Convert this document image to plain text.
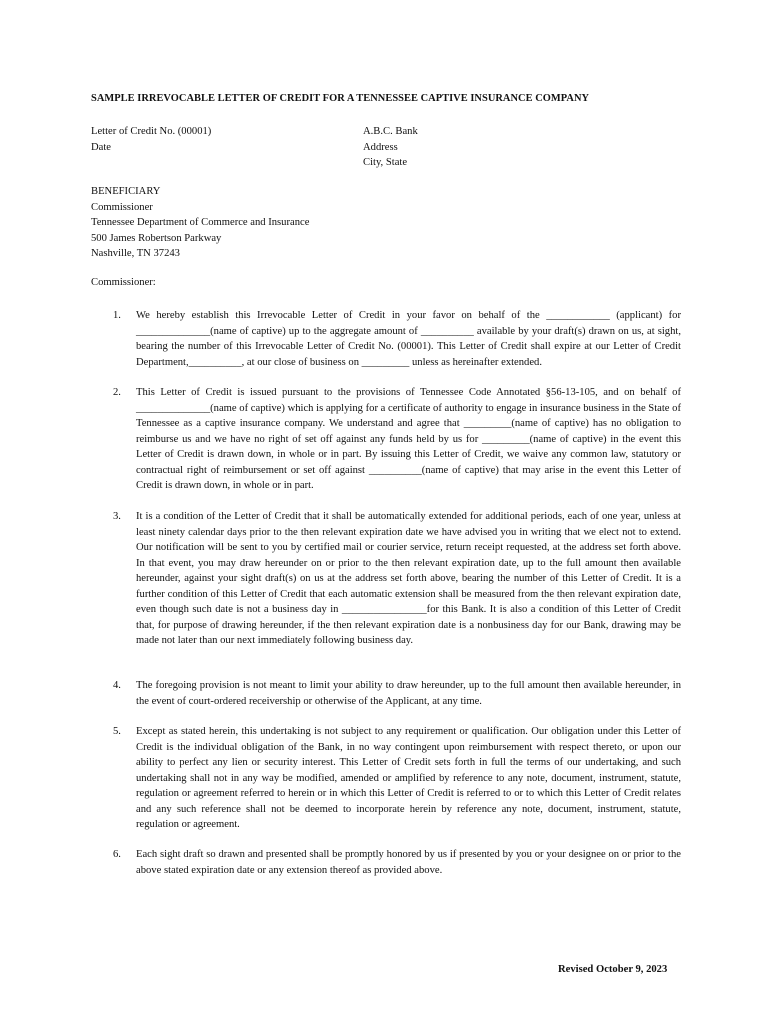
SAMPLE IRREVOCABLE LETTER OF CREDIT FOR A TENNESSEE CAPTIVE INSURANCE COMPANY
Letter of Credit No. (00001)
Date
A.B.C. Bank
Address
City, State
BENEFICIARY
Commissioner
Tennessee Department of Commerce and Insurance
500 James Robertson Parkway
Nashville, TN 37243
Commissioner:
1. We hereby establish this Irrevocable Letter of Credit in your favor on behalf of the ____________ (applicant) for ______________(name of captive) up to the aggregate amount of __________ available by your draft(s) drawn on us, at sight, bearing the number of this Irrevocable Letter of Credit No. (00001). This Letter of Credit shall expire at our Letter of Credit Department,__________, at our close of business on _________ unless as hereinafter extended.
2. This Letter of Credit is issued pursuant to the provisions of Tennessee Code Annotated §56-13-105, and on behalf of ______________(name of captive) which is applying for a certificate of authority to engage in insurance business in the State of Tennessee as a captive insurance company. We understand and agree that _________(name of captive) has no obligation to reimburse us and we have no right of set off against any funds held by us for _________(name of captive) in the event this Letter of Credit is drawn down, in whole or in part. By issuing this Letter of Credit, we waive any common law, statutory or contractual right of reimbursement or set off against __________(name of captive) that may arise in the event this Letter of Credit is drawn down, in whole or in part.
3. It is a condition of the Letter of Credit that it shall be automatically extended for additional periods, each of one year, unless at least ninety calendar days prior to the then relevant expiration date we have advised you in writing that we elect not to extend. Our notification will be sent to you by certified mail or courier service, return receipt requested, at the address set forth above. In that event, you may draw hereunder on or prior to the then relevant expiration date, up to the full amount then available hereunder, against your sight draft(s) on us at the address set forth above, bearing the number of this Letter of Credit. It is a further condition of this Letter of Credit that each automatic extension shall be measured from the then relevant expiration date, even though such date is not a business day in ________________for this Bank. It is also a condition of this Letter of Credit that, for purpose of drawing hereunder, if the then relevant expiration date is a nonbusiness day for our Bank, drawing may be made not later than our next immediately following business day.
4. The foregoing provision is not meant to limit your ability to draw hereunder, up to the full amount then available hereunder, in the event of court-ordered receivership or otherwise of the Applicant, at any time.
5. Except as stated herein, this undertaking is not subject to any requirement or qualification. Our obligation under this Letter of Credit is the individual obligation of the Bank, in no way contingent upon reimbursement with respect thereto, or upon our ability to perfect any lien or security interest. This Letter of Credit sets forth in full the terms of our undertaking, and such undertaking shall not in any way be modified, amended or amplified by reference to any note, document, instrument, statute, regulation or agreement referred to herein or in which this Letter of Credit is referred to or to which this Letter of Credit relates and any such reference shall not be deemed to incorporate herein by reference any note, document, instrument, statute, regulation or agreement.
6. Each sight draft so drawn and presented shall be promptly honored by us if presented by you or your designee on or prior to the above stated expiration date or any extension thereof as provided above.
Revised October 9, 2023
